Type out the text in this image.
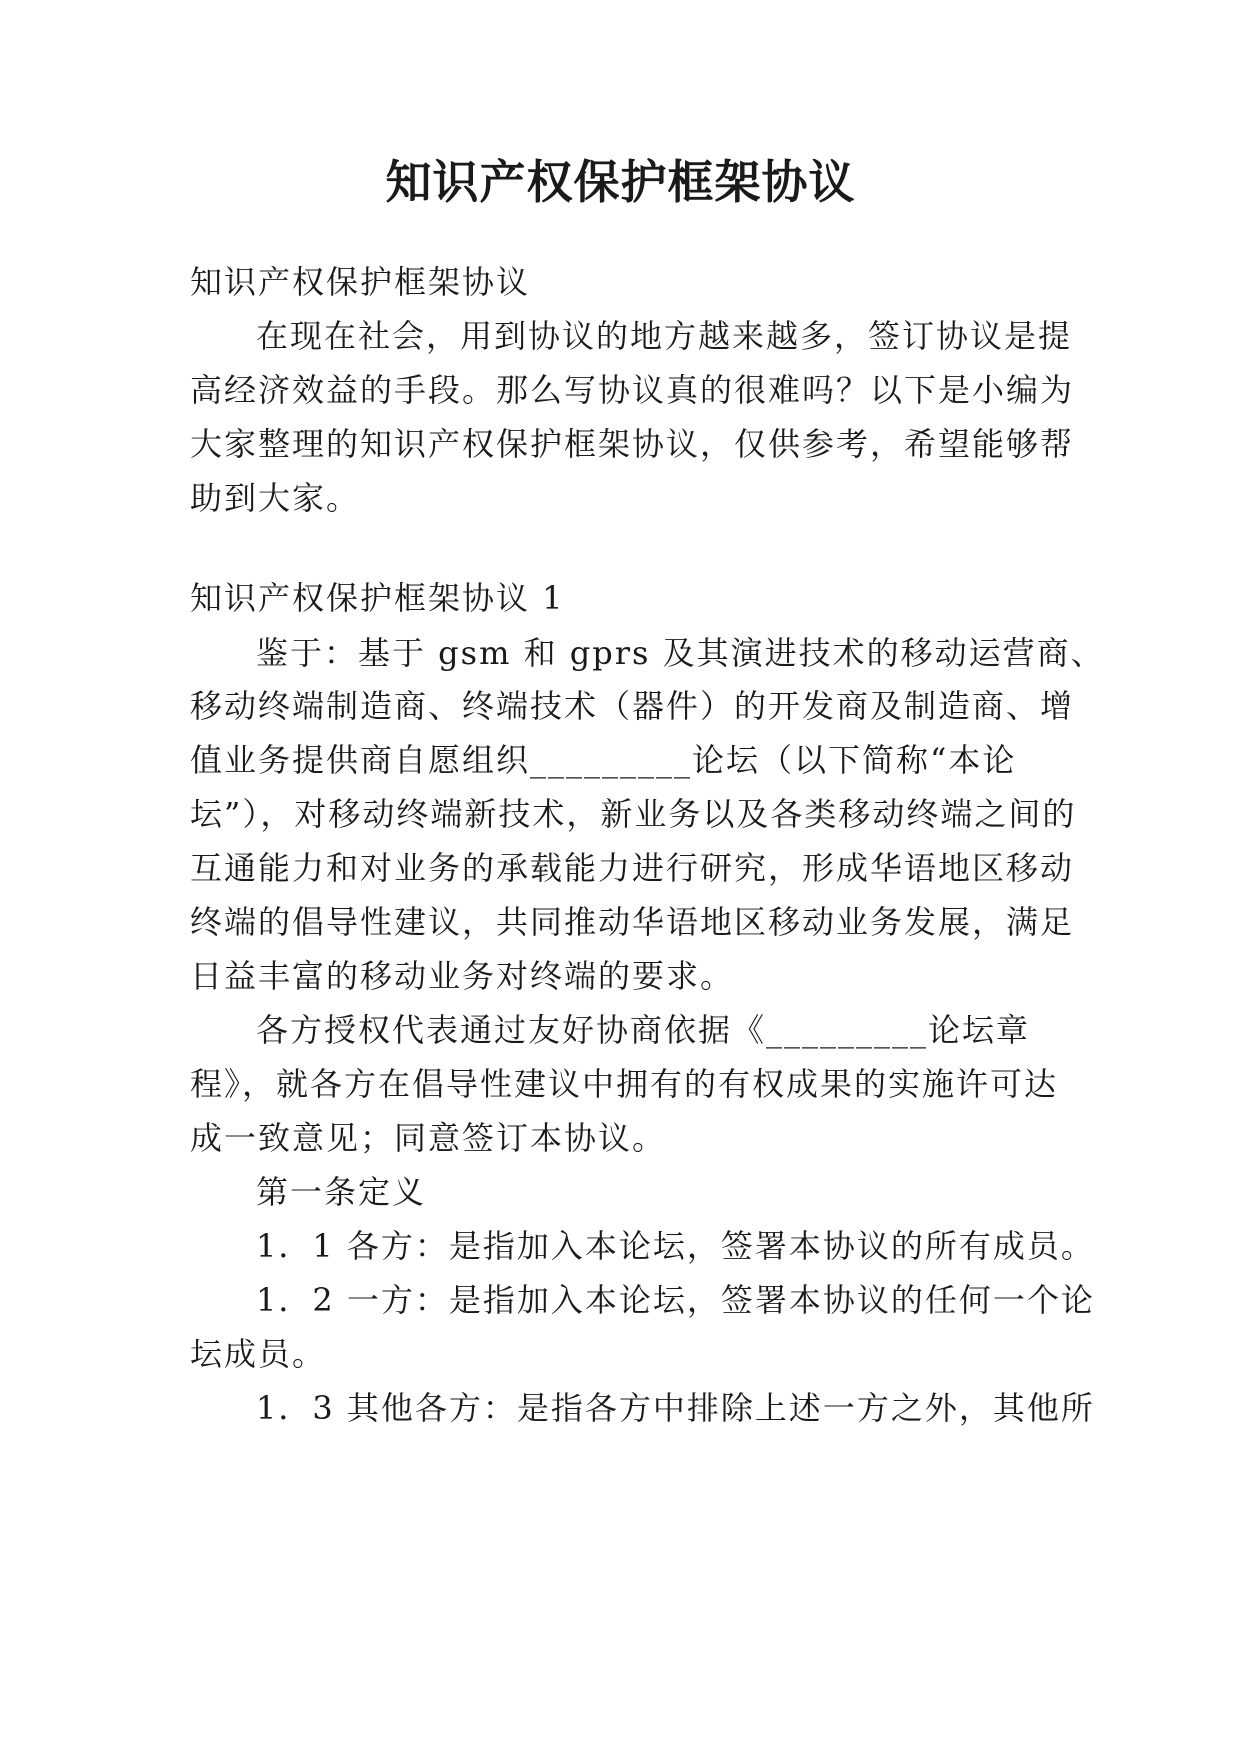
知识产权保护框架协议
知识产权保护框架协议
在现在社会，用到协议的地方越来越多，签订协议是提
高经济效益的手段。那么写协议真的很难吗？以下是小编为
大家整理的知识产权保护框架协议，仅供参考，希望能够帮
助到大家。
知识产权保护框架协议 1
鉴于：基于 gsm 和 gprs 及其演进技术的移动运营商、
移动终端制造商、终端技术（器件）的开发商及制造商、增
值业务提供商自愿组织_________论坛（以下简称“本论
坛”），对移动终端新技术，新业务以及各类移动终端之间的
互通能力和对业务的承载能力进行研究，形成华语地区移动
终端的倡导性建议，共同推动华语地区移动业务发展，满足
日益丰富的移动业务对终端的要求。
各方授权代表通过友好协商依据《_________论坛章
程》，就各方在倡导性建议中拥有的有权成果的实施许可达
成一致意见；同意签订本协议。
第一条定义
1．1 各方：是指加入本论坛，签署本协议的所有成员。
1．2 一方：是指加入本论坛，签署本协议的任何一个论
坛成员。
1．3 其他各方：是指各方中排除上述一方之外，其他所
